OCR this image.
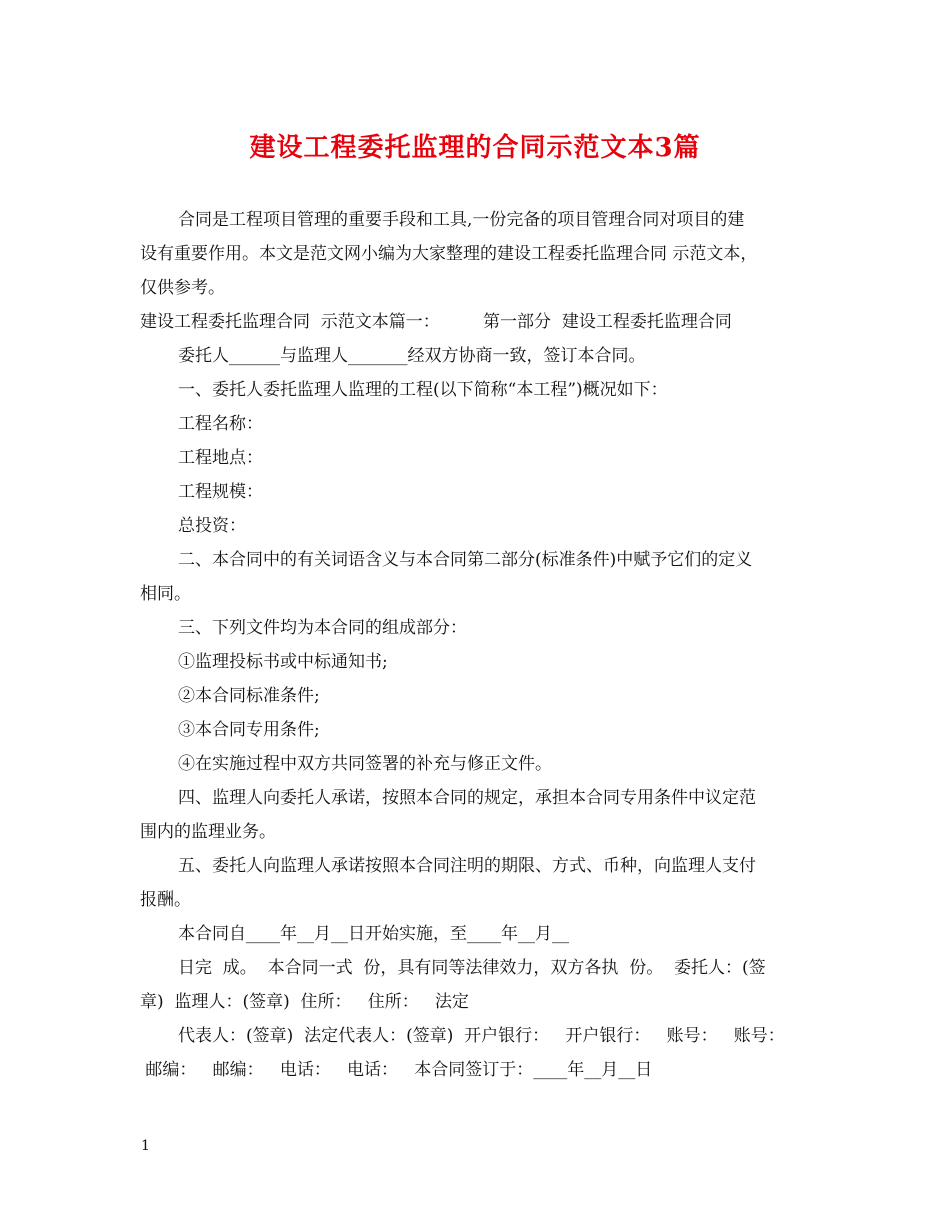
建设工程委托监理的合同示范文本3篇

合同是工程项目管理的重要手段和工具,一份完备的项目管理合同对项目的建

设有重要作用。本文是范文网小编为大家整理的建设工程委托监理合同 示范文本，

仅供参考。

建设工程委托监理合同  示范文本篇一：        第一部分  建设工程委托监理合同

委托人______与监理人_______经双方协商一致，签订本合同。

一、委托人委托监理人监理的工程(以下简称“本工程”)概况如下：

工程名称：

工程地点：

工程规模：

总投资：

二、本合同中的有关词语含义与本合同第二部分(标准条件)中赋予它们的定义

相同。

三、下列文件均为本合同的组成部分：

①监理投标书或中标通知书;

②本合同标准条件;

③本合同专用条件;

④在实施过程中双方共同签署的补充与修正文件。

四、监理人向委托人承诺，按照本合同的规定，承担本合同专用条件中议定范

围内的监理业务。

五、委托人向监理人承诺按照本合同注明的期限、方式、币种，向监理人支付

报酬。

本合同自____年__月__日开始实施，至____年__月__

日完  成。  本合同一式  份，具有同等法律效力，双方各执  份。  委托人：(签

章)  监理人：(签章)  住所：   住所：   法定

代表人：(签章)  法定代表人：(签章)  开户银行：   开户银行：   账号：   账号：

邮编：   邮编：   电话：   电话：   本合同签订于：____年__月__日

1
